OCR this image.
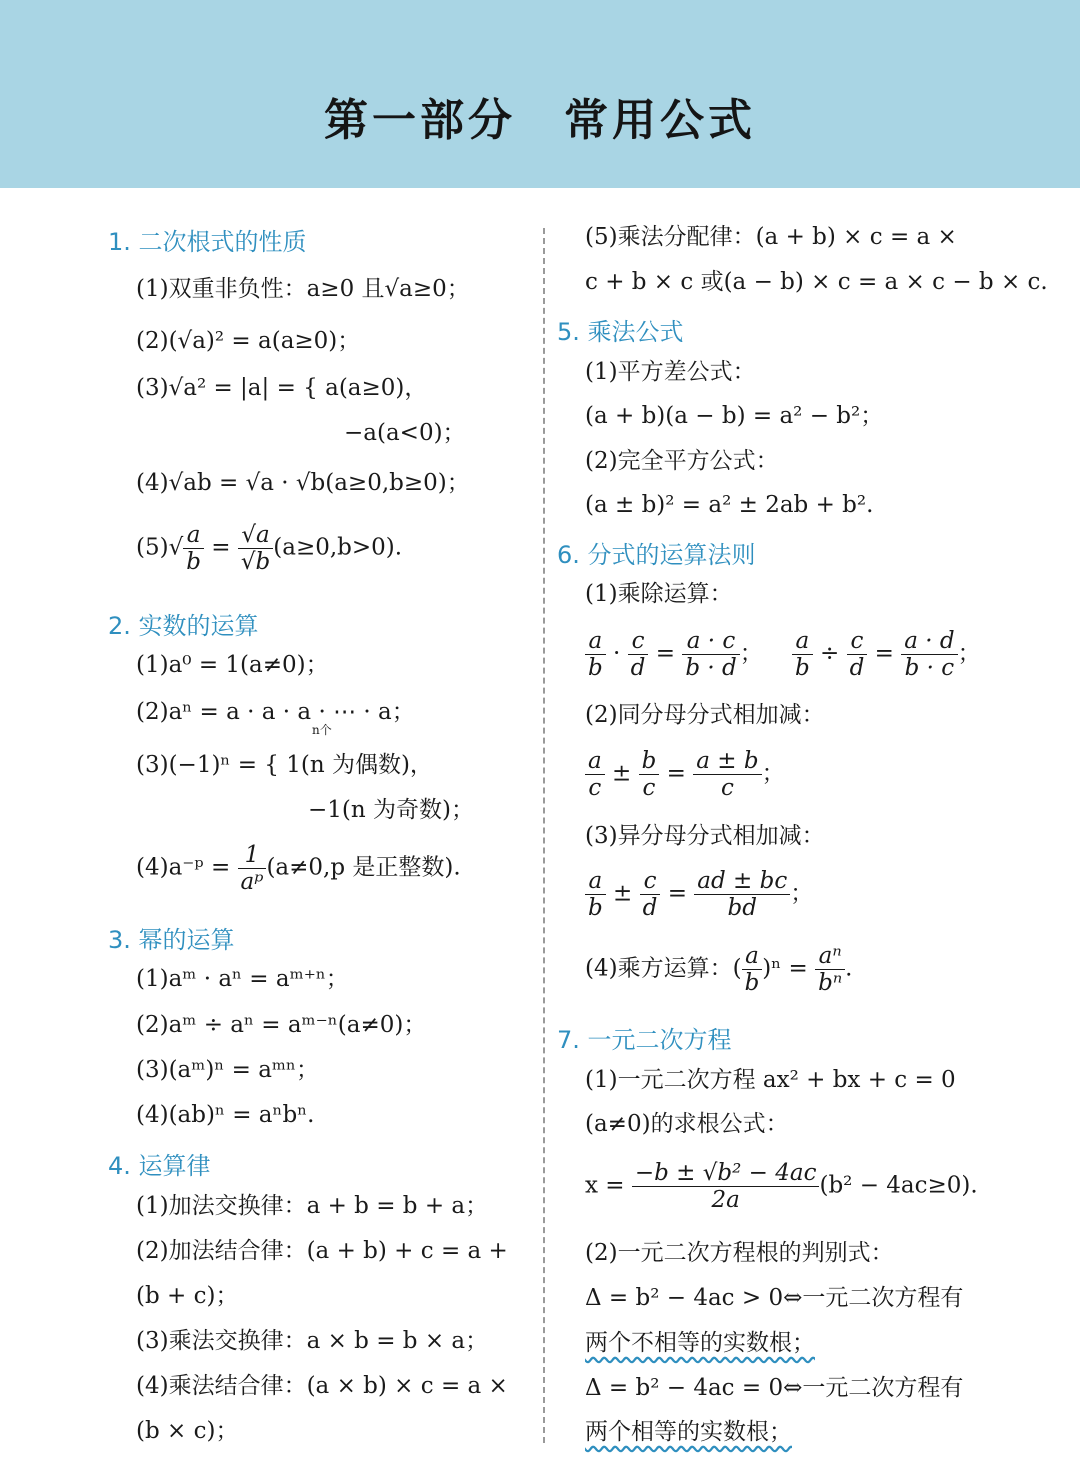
第一部分　常用公式
1. 二次根式的性质
(1)双重非负性：a≥0 且√a≥0；
(2)(√a)² = a(a≥0)；
(3)√a² = |a| = { a(a≥0)，
−a(a<0)；
(4)√ab = √a · √b(a≥0,b≥0)；
$(5)√ \frac{a}{b} = \frac{√a}{√b} (a\ge 0,b>0)$.
2. 实数的运算
(1)a⁰ = 1(a≠0)；
(2)aⁿ = a · a · a · ⋯ · a；
n个
(3)(−1)ⁿ = { 1(n 为偶数)，
−1(n 为奇数)；
(4)a⁻ᵖ = $\frac{1}{\text{aᵖ}} (a\ne 0,p$ 是正整数).
3. 幂的运算
(1)aᵐ · aⁿ = aᵐ⁺ⁿ；
(2)aᵐ ÷ aⁿ = aᵐ⁻ⁿ(a≠0)；
(3)(aᵐ)ⁿ = aᵐⁿ；
(4)(ab)ⁿ = aⁿbⁿ.
4. 运算律
(1)加法交换律：a + b = b + a；
(2)加法结合律：(a + b) + c = a +
(b + c)；
(3)乘法交换律：a × b = b × a；
(4)乘法结合律：(a × b) × c = a ×
(b × c)；
(5)乘法分配律：(a + b) × c = a ×
c + b × c 或(a − b) × c = a × c − b × c.
5. 乘法公式
(1)平方差公式：
(a + b)(a − b) = a² − b²；
(2)完全平方公式：
(a ± b)² = a² ± 2ab + b².
6. 分式的运算法则
(1)乘除运算：
$\frac{a}{b} \cdot \frac{c}{d} = \frac{a \cdot c}{b \cdot d}$ ； $\frac{a}{b} \div \frac{c}{d} = \frac{a \cdot d}{b \cdot c}$ ；
(2)同分母分式相加减：
$\frac{a}{c} \pm \frac{b}{c} = \frac{a \pm b}{c}$ ；
(3)异分母分式相加减：
$\frac{a}{b} \pm \frac{c}{d} = \frac{ad \pm bc}{bd}$ ；
(4)乘方运算：( $\frac{a}{b} )^n = \frac{\text{aⁿ}}{\text{bⁿ}}$ .
7. 一元二次方程
(1)一元二次方程 ax² + bx + c = 0
(a≠0)的求根公式：
$x = \frac{\text{−b ± √b² − 4ac}}{2a} (b^2 - 4ac\ge 0)$.
(2)一元二次方程根的判别式：
Δ = b² − 4ac > 0⇔一元二次方程有
两个不相等的实数根；
Δ = b² − 4ac = 0⇔一元二次方程有
两个相等的实数根；
